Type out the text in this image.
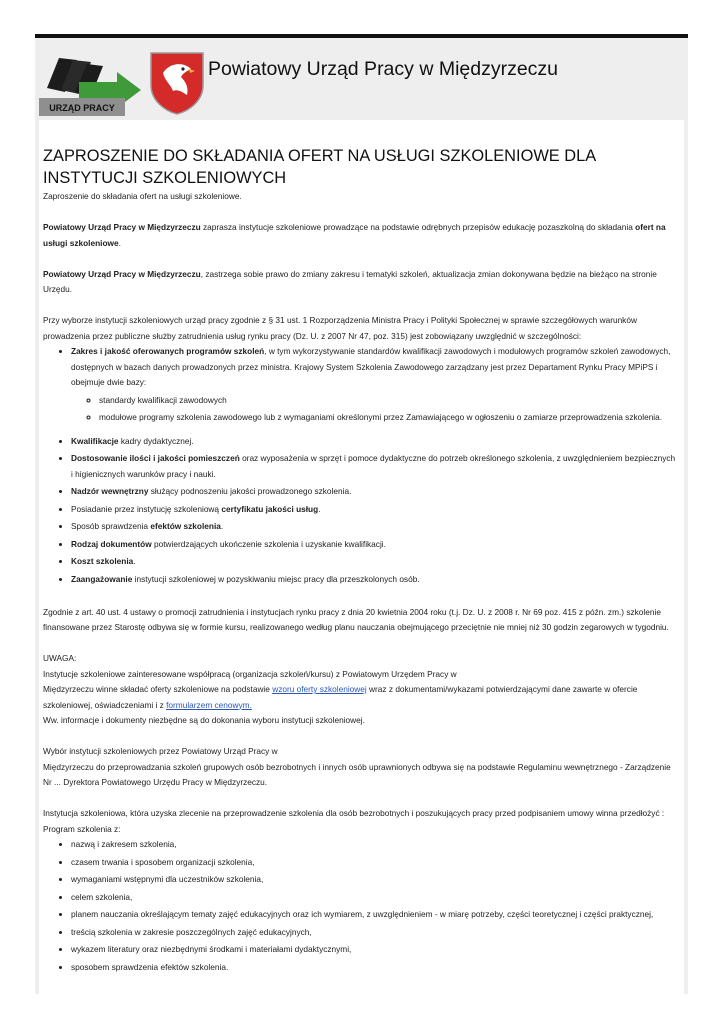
URZĄD PRACY
Powiatowy Urząd Pracy w Międzyrzeczu
ZAPROSZENIE DO SKŁADANIA OFERT NA USŁUGI SZKOLENIOWE DLA INSTYTUCJI SZKOLENIOWYCH

Zaproszenie do składania ofert na usługi szkoleniowe.

Powiatowy Urząd Pracy w Międzyrzeczu zaprasza instytucje szkoleniowe prowadzące na podstawie odrębnych przepisów edukację pozaszkolną do składania ofert na usługi szkoleniowe.

Powiatowy Urząd Pracy w Międzyrzeczu, zastrzega sobie prawo do zmiany zakresu i tematyki szkoleń, aktualizacja zmian dokonywana będzie na bieżąco na stronie Urzędu.

Przy wyborze instytucji szkoleniowych urząd pracy zgodnie z § 31 ust. 1 Rozporządzenia Ministra Pracy i Polityki Społecznej w sprawie szczegółowych warunków prowadzenia przez publiczne służby zatrudnienia usług rynku pracy (Dz. U. z 2007 Nr 47, poz. 315) jest zobowiązany uwzględnić w szczególności:

• Zakres i jakość oferowanych programów szkoleń, w tym wykorzystywanie standardów kwalifikacji zawodowych i modułowych programów szkoleń zawodowych, dostępnych w bazach danych prowadzonych przez ministra. Krajowy System Szkolenia Zawodowego zarządzany jest przez Departament Rynku Pracy MPiPS i obejmuje dwie bazy:
◦ standardy kwalifikacji zawodowych
◦ modułowe programy szkolenia zawodowego lub z wymaganiami określonymi przez Zamawiającego w ogłoszeniu o zamiarze przeprowadzenia szkolenia.
• Kwalifikacje kadry dydaktycznej.
• Dostosowanie ilości i jakości pomieszczeń oraz wyposażenia w sprzęt i pomoce dydaktyczne do potrzeb określonego szkolenia, z uwzględnieniem bezpiecznych i higienicznych warunków pracy i nauki.
• Nadzór wewnętrzny służący podnoszeniu jakości prowadzonego szkolenia.
• Posiadanie przez instytucję szkoleniową certyfikatu jakości usług.
• Sposób sprawdzenia efektów szkolenia.
• Rodzaj dokumentów potwierdzających ukończenie szkolenia i uzyskanie kwalifikacji.
• Koszt szkolenia.
• Zaangażowanie instytucji szkoleniowej w pozyskiwaniu miejsc pracy dla przeszkolonych osób.

Zgodnie z art. 40 ust. 4 ustawy o promocji zatrudnienia i instytucjach rynku pracy z dnia 20 kwietnia 2004 roku (t.j. Dz. U. z 2008 r. Nr 69 poz. 415 z późn. zm.) szkolenie finansowane przez Starostę odbywa się w formie kursu, realizowanego według planu nauczania obejmującego przeciętnie nie mniej niż 30 godzin zegarowych w tygodniu.

UWAGA:
Instytucje szkoleniowe zainteresowane współpracą (organizacja szkoleń/kursu) z Powiatowym Urzędem Pracy w
Międzyrzeczu winne składać oferty szkoleniowe na podstawie wzoru oferty szkoleniowej wraz z dokumentami/wykazami potwierdzającymi dane zawarte w ofercie szkoleniowej, oświadczeniami i z formularzem cenowym.
Ww. informacje i dokumenty niezbędne są do dokonania wyboru instytucji szkoleniowej.

Wybór instytucji szkoleniowych przez Powiatowy Urząd Pracy w
Międzyrzeczu do przeprowadzania szkoleń grupowych osób bezrobotnych i innych osób uprawnionych odbywa się na podstawie Regulaminu wewnętrznego - Zarządzenie Nr ... Dyrektora Powiatowego Urzędu Pracy w Międzyrzeczu.

Instytucja szkoleniowa, która uzyska zlecenie na przeprowadzenie szkolenia dla osób bezrobotnych i poszukujących pracy przed podpisaniem umowy winna przedłożyć :

Program szkolenia z:

• nazwą i zakresem szkolenia,
• czasem trwania i sposobem organizacji szkolenia,
• wymaganiami wstępnymi dla uczestników szkolenia,
• celem szkolenia,
• planem nauczania określającym tematy zajęć edukacyjnych oraz ich wymiarem, z uwzględnieniem - w miarę potrzeby, części teoretycznej i części praktycznej,
• treścią szkolenia w zakresie poszczególnych zajęć edukacyjnych,
• wykazem literatury oraz niezbędnymi środkami i materiałami dydaktycznymi,
• sposobem sprawdzenia efektów szkolenia.
